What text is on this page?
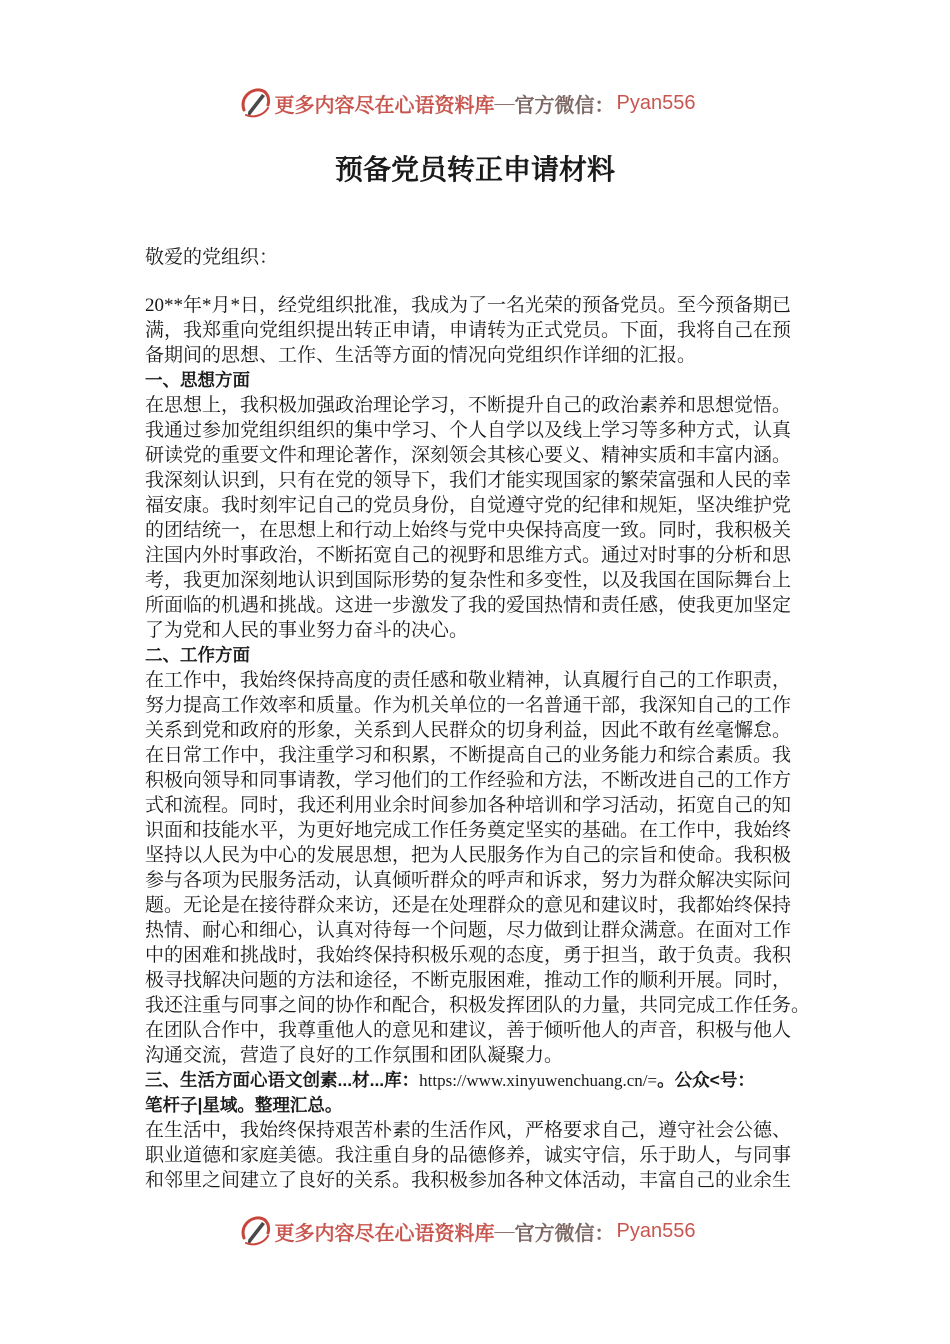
更多内容尽在心语资料库 — 官方微信： Pyan556
预备党员转正申请材料
敬爱的党组织：
20**年*月*日，经党组织批准，我成为了一名光荣的预备党员。至今预备期已
满，我郑重向党组织提出转正申请，申请转为正式党员。下面，我将自己在预
备期间的思想、工作、生活等方面的情况向党组织作详细的汇报。
一、思想方面
在思想上，我积极加强政治理论学习，不断提升自己的政治素养和思想觉悟。
我通过参加党组织组织的集中学习、个人自学以及线上学习等多种方式，认真
研读党的重要文件和理论著作，深刻领会其核心要义、精神实质和丰富内涵。
我深刻认识到，只有在党的领导下，我们才能实现国家的繁荣富强和人民的幸
福安康。我时刻牢记自己的党员身份，自觉遵守党的纪律和规矩，坚决维护党
的团结统一，在思想上和行动上始终与党中央保持高度一致。同时，我积极关
注国内外时事政治，不断拓宽自己的视野和思维方式。通过对时事的分析和思
考，我更加深刻地认识到国际形势的复杂性和多变性，以及我国在国际舞台上
所面临的机遇和挑战。这进一步激发了我的爱国热情和责任感，使我更加坚定
了为党和人民的事业努力奋斗的决心。
二、工作方面
在工作中，我始终保持高度的责任感和敬业精神，认真履行自己的工作职责，
努力提高工作效率和质量。作为机关单位的一名普通干部，我深知自己的工作
关系到党和政府的形象，关系到人民群众的切身利益，因此不敢有丝毫懈怠。
在日常工作中，我注重学习和积累，不断提高自己的业务能力和综合素质。我
积极向领导和同事请教，学习他们的工作经验和方法，不断改进自己的工作方
式和流程。同时，我还利用业余时间参加各种培训和学习活动，拓宽自己的知
识面和技能水平，为更好地完成工作任务奠定坚实的基础。在工作中，我始终
坚持以人民为中心的发展思想，把为人民服务作为自己的宗旨和使命。我积极
参与各项为民服务活动，认真倾听群众的呼声和诉求，努力为群众解决实际问
题。无论是在接待群众来访，还是在处理群众的意见和建议时，我都始终保持
热情、耐心和细心，认真对待每一个问题，尽力做到让群众满意。在面对工作
中的困难和挑战时，我始终保持积极乐观的态度，勇于担当，敢于负责。我积
极寻找解决问题的方法和途径，不断克服困难，推动工作的顺利开展。同时，
我还注重与同事之间的协作和配合，积极发挥团队的力量，共同完成工作任务。
在团队合作中，我尊重他人的意见和建议，善于倾听他人的声音，积极与他人
沟通交流，营造了良好的工作氛围和团队凝聚力。
三、生活方面心语文创素...材...库：https://www.xinyuwenchuang.cn/=。公众<号：
笔杆子|星域。整理汇总。
在生活中，我始终保持艰苦朴素的生活作风，严格要求自己，遵守社会公德、
职业道德和家庭美德。我注重自身的品德修养，诚实守信，乐于助人，与同事
和邻里之间建立了良好的关系。我积极参加各种文体活动，丰富自己的业余生
更多内容尽在心语资料库 — 官方微信： Pyan556
